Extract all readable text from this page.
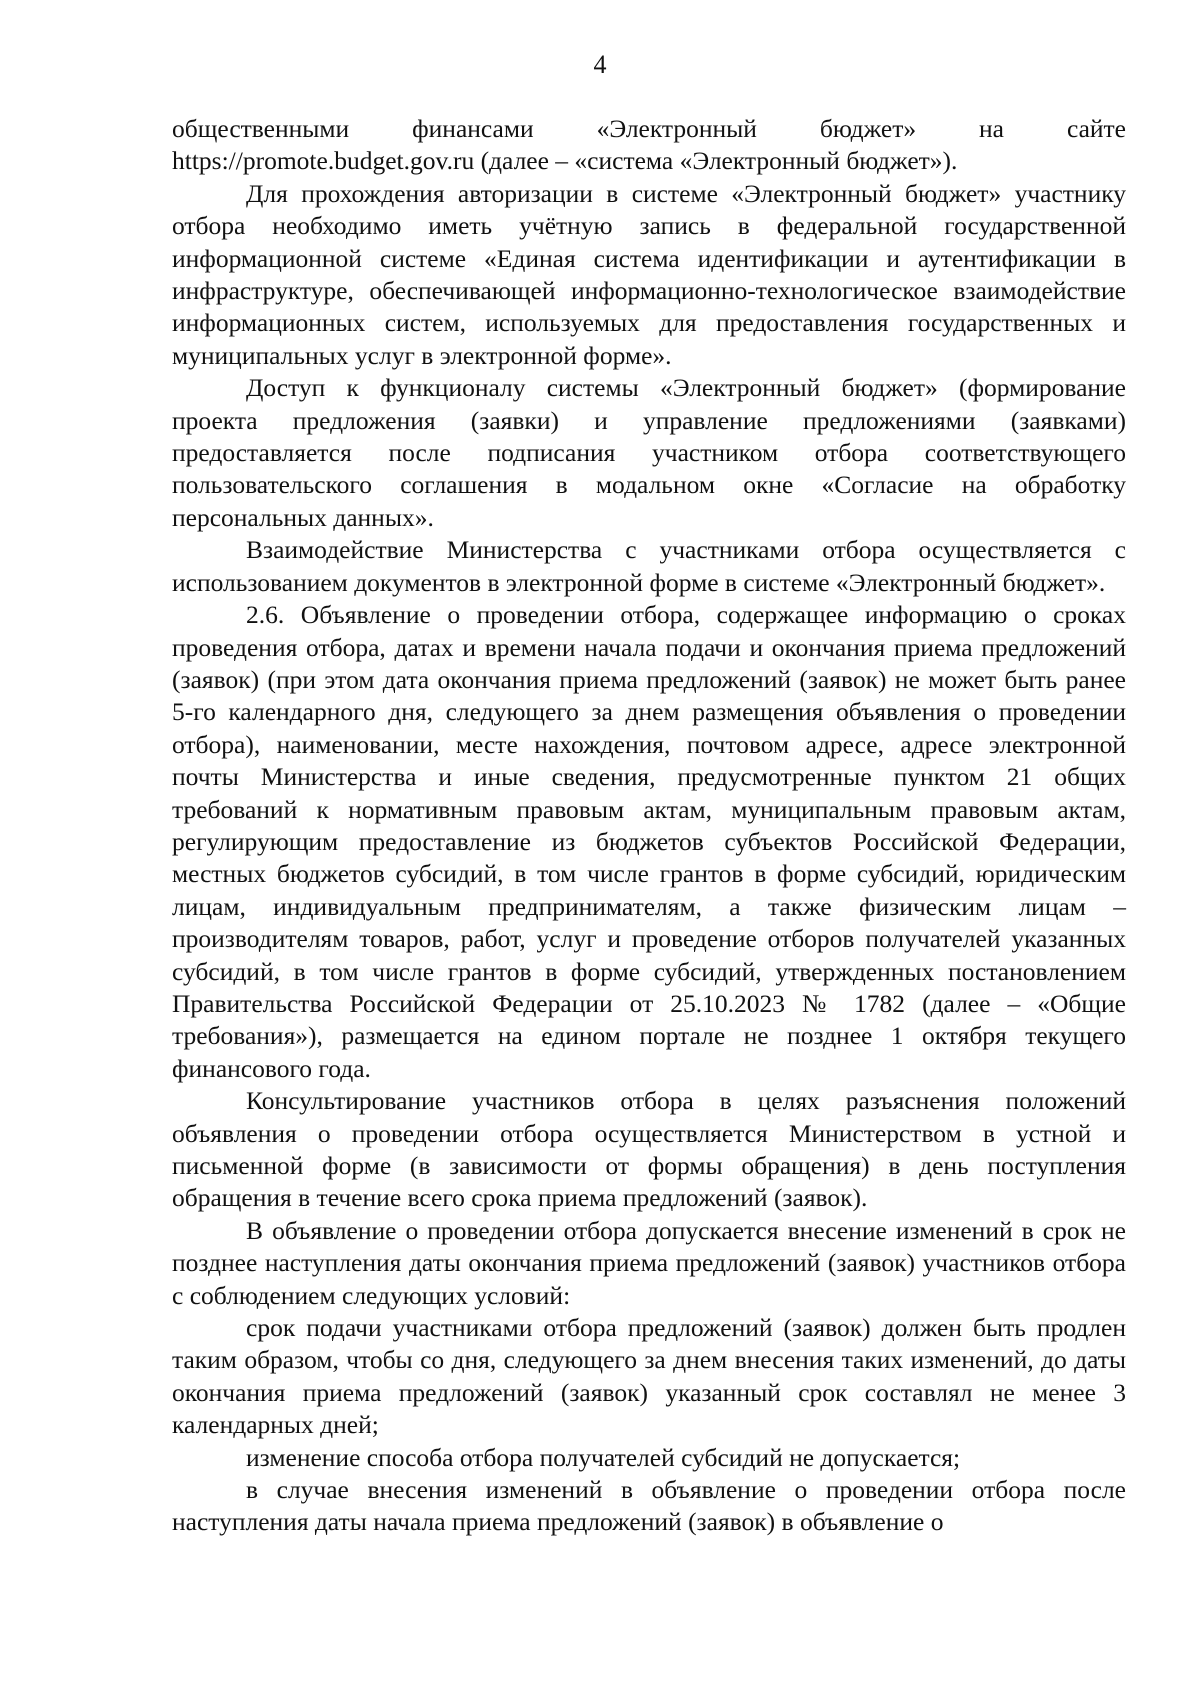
4

общественными финансами «Электронный бюджет» на сайте https://promote.budget.gov.ru (далее – «система «Электронный бюджет»).

Для прохождения авторизации в системе «Электронный бюджет» участнику отбора необходимо иметь учётную запись в федеральной государственной информационной системе «Единая система идентификации и аутентификации в инфраструктуре, обеспечивающей информационно-технологическое взаимодействие информационных систем, используемых для предоставления государственных и муниципальных услуг в электронной форме».

Доступ к функционалу системы «Электронный бюджет» (формирование проекта предложения (заявки) и управление предложениями (заявками) предоставляется после подписания участником отбора соответствующего пользовательского соглашения в модальном окне «Согласие на обработку персональных данных».

Взаимодействие Министерства с участниками отбора осуществляется с использованием документов в электронной форме в системе «Электронный бюджет».

2.6. Объявление о проведении отбора, содержащее информацию о сроках проведения отбора, датах и времени начала подачи и окончания приема предложений (заявок) (при этом дата окончания приема предложений (заявок) не может быть ранее 5-го календарного дня, следующего за днем размещения объявления о проведении отбора), наименовании, месте нахождения, почтовом адресе, адресе электронной почты Министерства и иные сведения, предусмотренные пунктом 21 общих требований к нормативным правовым актам, муниципальным правовым актам, регулирующим предоставление из бюджетов субъектов Российской Федерации, местных бюджетов субсидий, в том числе грантов в форме субсидий, юридическим лицам, индивидуальным предпринимателям, а также физическим лицам – производителям товаров, работ, услуг и проведение отборов получателей указанных субсидий, в том числе грантов в форме субсидий, утвержденных постановлением Правительства Российской Федерации от 25.10.2023 № 1782 (далее – «Общие требования»), размещается на едином портале не позднее 1 октября текущего финансового года.

Консультирование участников отбора в целях разъяснения положений объявления о проведении отбора осуществляется Министерством в устной и письменной форме (в зависимости от формы обращения) в день поступления обращения в течение всего срока приема предложений (заявок).

В объявление о проведении отбора допускается внесение изменений в срок не позднее наступления даты окончания приема предложений (заявок) участников отбора с соблюдением следующих условий:

срок подачи участниками отбора предложений (заявок) должен быть продлен таким образом, чтобы со дня, следующего за днем внесения таких изменений, до даты окончания приема предложений (заявок) указанный срок составлял не менее 3 календарных дней;

изменение способа отбора получателей субсидий не допускается;

в случае внесения изменений в объявление о проведении отбора после наступления даты начала приема предложений (заявок) в объявление о
